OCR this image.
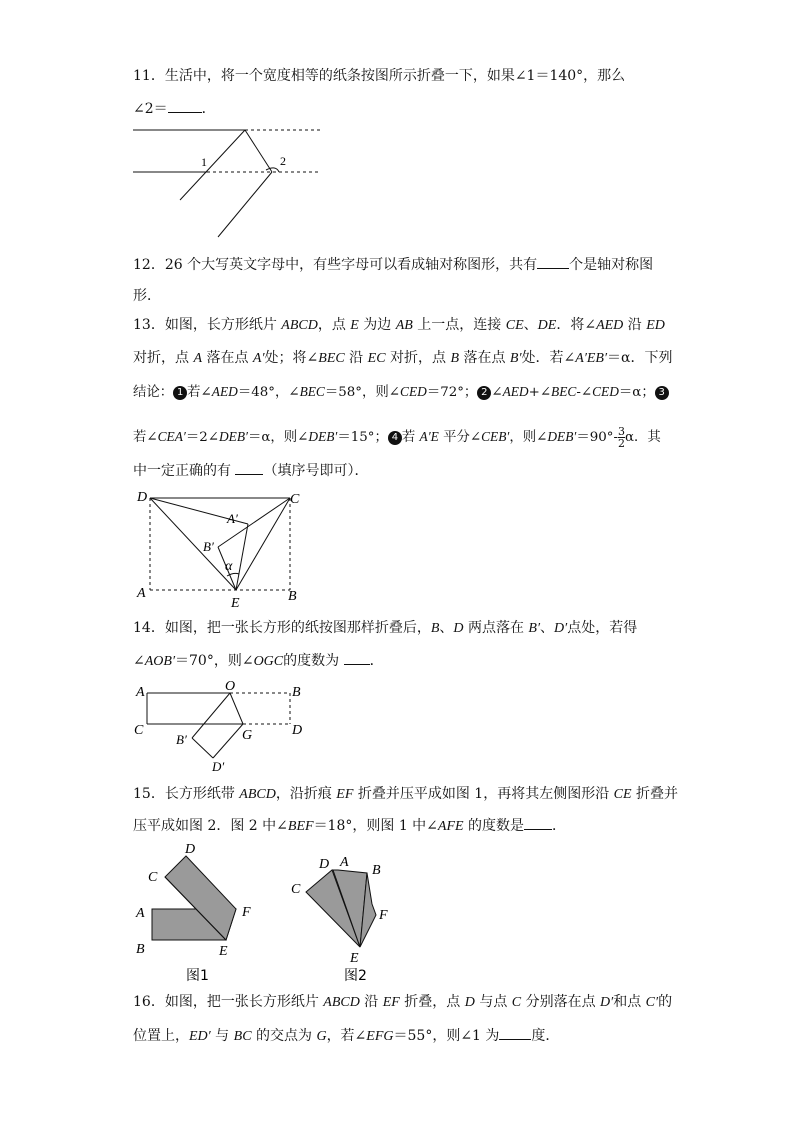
11．生活中，将一个宽度相等的纸条按图所示折叠一下，如果∠1＝140°，那么
∠2＝ ．
1	2
12．26 个大写英文字母中，有些字母可以看成轴对称图形，共有 个是轴对称图
形．
13．如图，长方形纸片 ABCD，点 E 为边 AB 上一点，连接 CE、DE．将∠AED 沿 ED
对折，点 A 落在点 A′处；将∠BEC 沿 EC 对折，点 B 落在点 B′处．若∠A′EB′＝α．下列
结论： 1 若∠AED＝48°，∠BEC＝58°，则∠CED＝72°； 2 ∠AED+∠BEC-∠CED＝α； 3
若∠CEA′＝2∠DEB′＝α，则∠DEB′＝15°； 4 若 A′E 平分∠CEB′，则∠DEB′＝90°- $\frac{3}{2}$ α．其
中一定正确的有 （填序号即可）．
D	C
A′
B′
α
A
E	B
14．如图，把一张长方形的纸按图那样折叠后，B、D 两点落在 B′、D′点处，若得
∠AOB′＝70°，则∠OGC的度数为 ．
A	O	B
C	G	D
B′
D′
15．长方形纸带 ABCD，沿折痕 EF 折叠并压平成如图 1，再将其左侧图形沿 CE 折叠并
压平成如图 2．图 2 中∠BEF＝18°，则图 1 中∠AFE 的度数是 ．
D
C
A	F
B	E
图1
D A
B
C
F
E
图2
16．如图，把一张长方形纸片 ABCD 沿 EF 折叠，点 D 与点 C 分别落在点 D′和点 C′的
位置上，ED′ 与 BC 的交点为 G，若∠EFG＝55°，则∠1 为 度．
